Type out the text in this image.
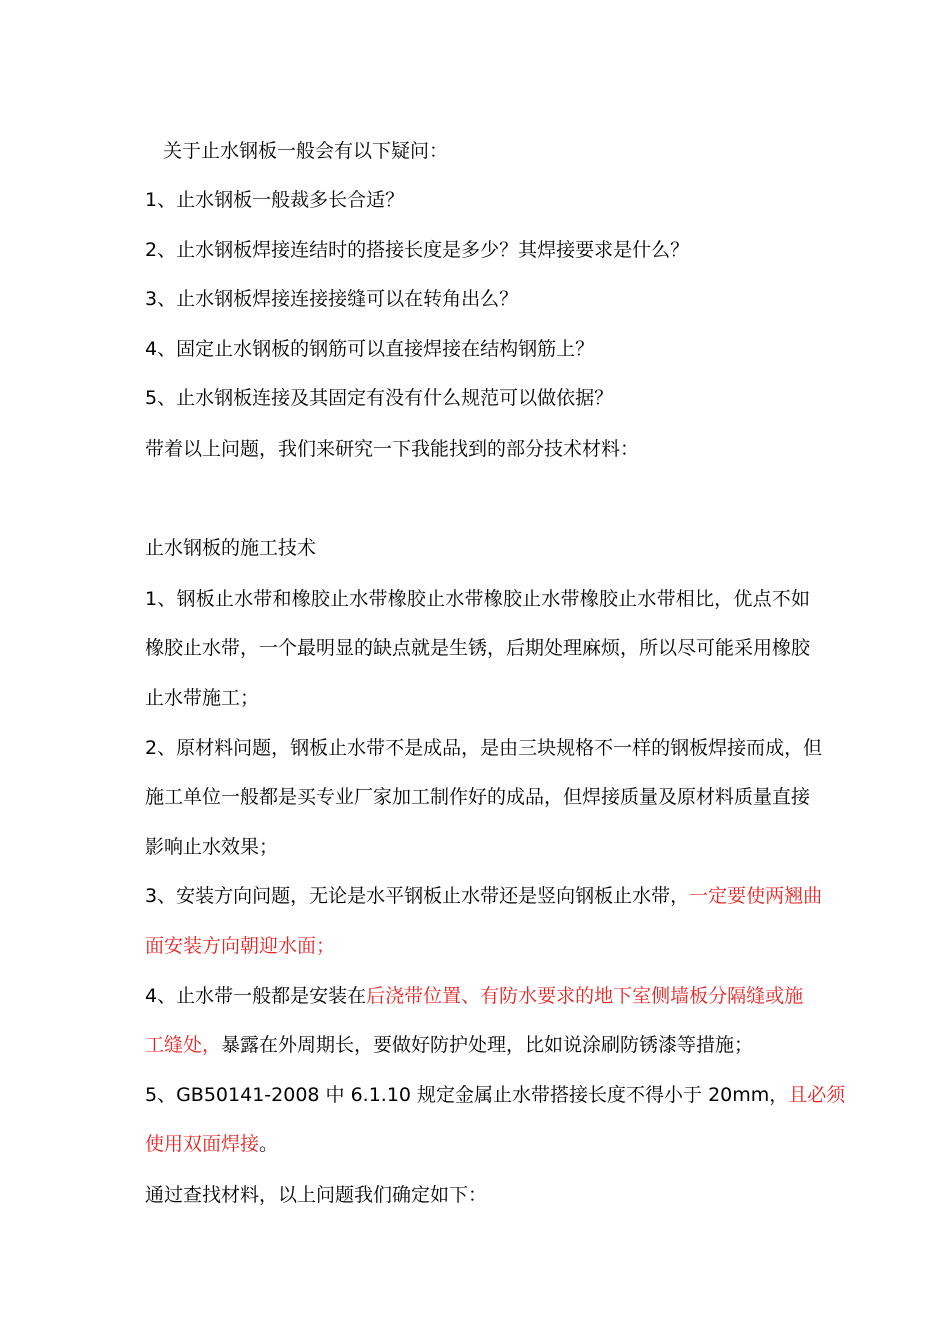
关于止水钢板一般会有以下疑问：
1、止水钢板一般裁多长合适？
2、止水钢板焊接连结时的搭接长度是多少？其焊接要求是什么？
3、止水钢板焊接连接接缝可以在转角出么？
4、固定止水钢板的钢筋可以直接焊接在结构钢筋上？
5、止水钢板连接及其固定有没有什么规范可以做依据？
带着以上问题，我们来研究一下我能找到的部分技术材料：
止水钢板的施工技术
1、钢板止水带和橡胶止水带橡胶止水带橡胶止水带橡胶止水带相比，优点不如
橡胶止水带，一个最明显的缺点就是生锈，后期处理麻烦，所以尽可能采用橡胶
止水带施工；
2、原材料问题，钢板止水带不是成品，是由三块规格不一样的钢板焊接而成，但
施工单位一般都是买专业厂家加工制作好的成品，但焊接质量及原材料质量直接
影响止水效果；
3、安装方向问题，无论是水平钢板止水带还是竖向钢板止水带，一定要使两翘曲
面安装方向朝迎水面；
4、止水带一般都是安装在后浇带位置、有防水要求的地下室侧墙板分隔缝或施
工缝处，暴露在外周期长，要做好防护处理，比如说涂刷防锈漆等措施；
5、GB50141-2008 中 6.1.10 规定金属止水带搭接长度不得小于 20mm，且必须
使用双面焊接。
通过查找材料，以上问题我们确定如下：
